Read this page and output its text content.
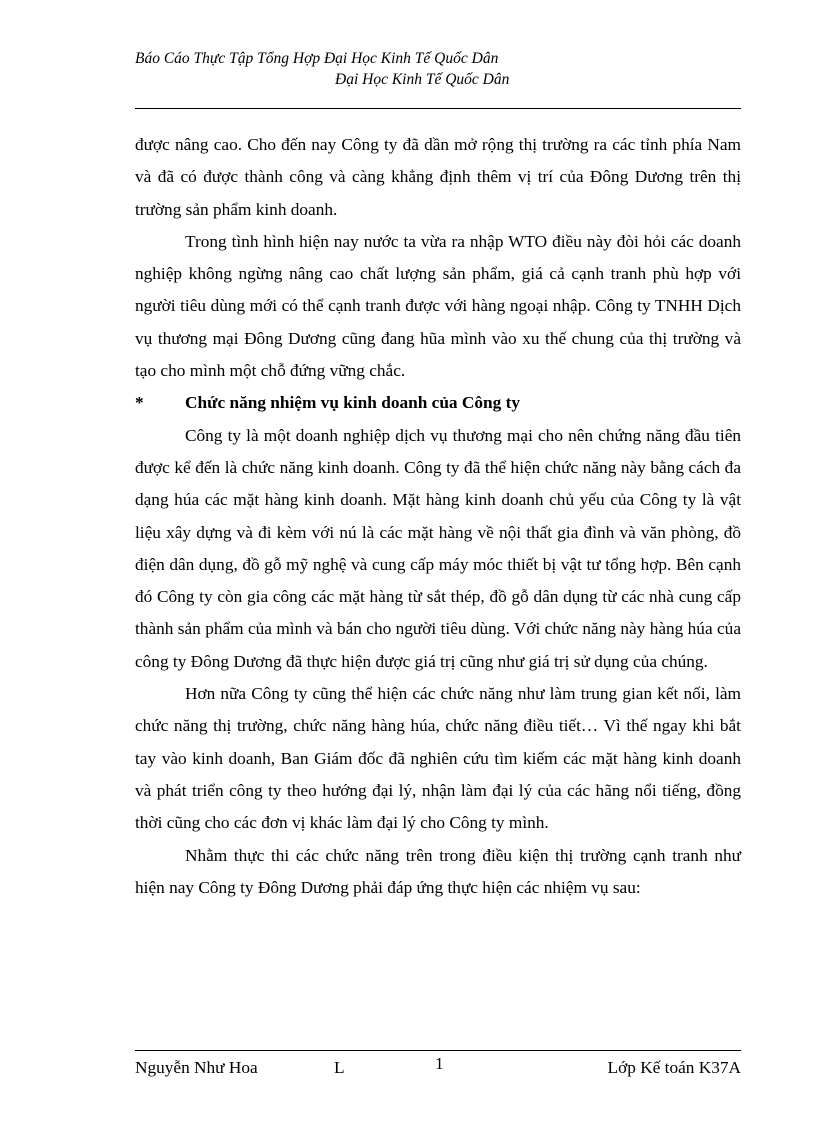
Báo Cáo Thực Tập Tổng Hợp Đại Học Kinh Tế Quốc Dân
Đại Học Kinh Tế Quốc Dân

được nâng cao. Cho đến nay Công ty đã dần mở rộng thị trường ra các tỉnh phía Nam và đã có được thành công và càng khẳng định thêm vị trí của Đông Dương trên thị trường sản phẩm kinh doanh.

Trong tình hình hiện nay nước ta vừa ra nhập WTO điều này đòi hỏi các doanh nghiệp không ngừng nâng cao chất lượng sản phẩm, giá cả cạnh tranh phù hợp với người tiêu dùng mới có thể cạnh tranh được với hàng ngoại nhập. Công ty TNHH Dịch vụ thương mại Đông Dương cũng đang hũa mình vào xu thế chung của thị trường và tạo cho mình một chỗ đứng vững chắc.

*	Chức năng nhiệm vụ kinh doanh của Công ty

Công ty là một doanh nghiệp dịch vụ thương mại cho nên chứng năng đầu tiên được kể đến là chức năng kinh doanh. Công ty đã thể hiện chức năng này bằng cách đa dạng húa các mặt hàng kinh doanh. Mặt hàng kinh doanh chủ yếu của Công ty là vật liệu xây dựng và đi kèm với nú là các mặt hàng về nội thất gia đình và văn phòng, đồ điện dân dụng, đồ gỗ mỹ nghệ và cung cấp máy móc thiết bị vật tư tổng hợp. Bên cạnh đó Công ty còn gia công các mặt hàng từ sắt thép, đồ gỗ dân dụng từ các nhà cung cấp thành sản phẩm của mình và bán cho người tiêu dùng. Với chức năng này hàng húa của công ty Đông Dương đã thực hiện được giá trị cũng như giá trị sử dụng của chúng.

Hơn nữa Công ty cũng thể hiện các chức năng như làm trung gian kết nối, làm chức năng thị trường, chức năng hàng húa, chức năng điều tiết… Vì thế ngay khi bắt tay vào kinh doanh, Ban Giám đốc đã nghiên cứu tìm kiếm các mặt hàng kinh doanh và phát triển công ty theo hướng đại lý, nhận làm đại lý của các hãng nổi tiếng, đồng thời cũng cho các đơn vị khác làm đại lý cho Công ty mình.

Nhằm thực thi các chức năng trên trong điều kiện thị trường cạnh tranh như hiện nay Công ty Đông Dương phải đáp ứng thực hiện các nhiệm vụ sau:

Nguyễn Như Hoa	L	1	Lớp Kế toán K37A
